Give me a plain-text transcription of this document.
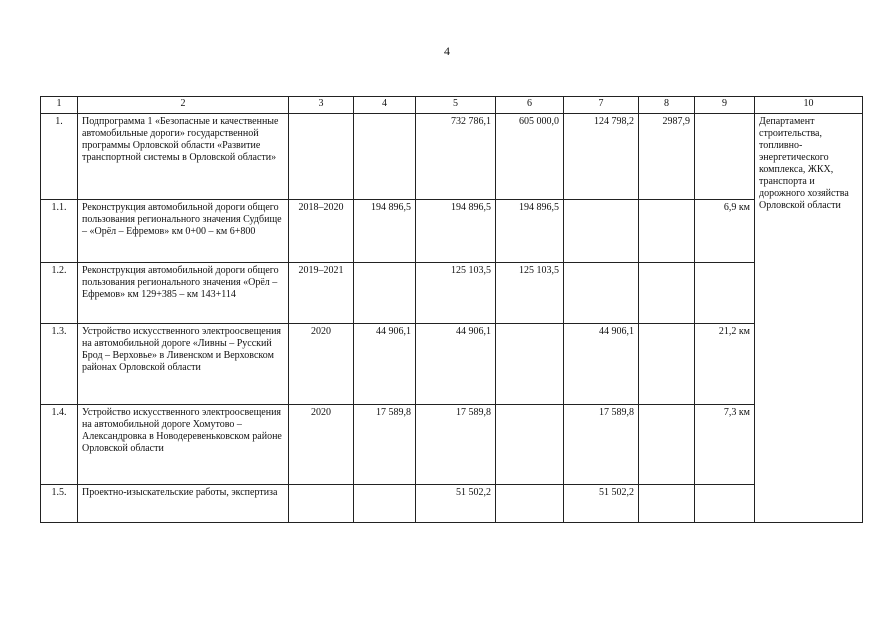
4
1	2	3	4	5	6	7	8	9	10
1.	Подпрограмма 1 «Безопасные и качественные автомобильные дороги» государственной программы Орловской области «Развитие транспортной системы в Орловской области»			732 786,1	605 000,0	124 798,2	2987,9		Департамент строительства, топливно-энергетического комплекса, ЖКХ, транспорта и дорожного хозяйства Орловской области
1.1.	Реконструкция автомобильной дороги общего пользования регионального значения Судбище – «Орёл – Ефремов» км 0+00 – км 6+800	2018–2020	194 896,5	194 896,5	194 896,5			6,9 км	
1.2.	Реконструкция автомобильной дороги общего пользования регионального значения «Орёл – Ефремов» км 129+385 – км 143+114	2019–2021		125 103,5	125 103,5				
1.3.	Устройство искусственного электроосвещения на автомобильной дороге «Ливны – Русский Брод – Верховье» в Ливенском и Верховском районах Орловской области	2020	44 906,1	44 906,1		44 906,1		21,2 км	
1.4.	Устройство искусственного электроосвещения на автомобильной дороге Хомутово – Александровка в Новодеревеньковском районе Орловской области	2020	17 589,8	17 589,8		17 589,8		7,3 км	
1.5.	Проектно-изыскательские работы, экспертиза			51 502,2		51 502,2			
